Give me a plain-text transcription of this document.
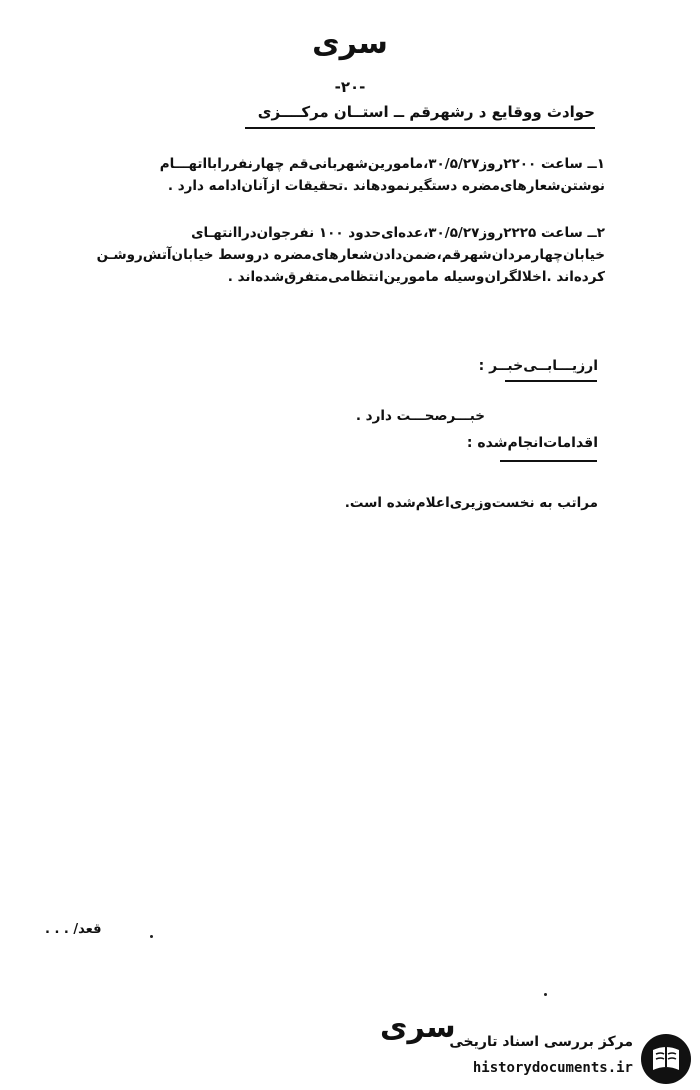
سری
-۲۰-
حوادث ووقایع د رشهرقم ــ استــان مرکــــزی
۱ــ ساعت ۲۲۰۰روز۳۰/۵/۲۷،مامورین‌شهربانی‌قم چهارنفررابااتهـــام
نوشتن‌شعارهای‌مضره دستگیرنمودهاند .تحقیقات ازآنان‌ادامه دارد .
۲ــ ساعت ۲۲۲۵روز۳۰/۵/۲۷،عده‌ای‌حدود ۱۰۰ نفرجوان‌دراانتهـای
خیابان‌چهارمردان‌شهرقم،ضمن‌دادن‌شعارهای‌مضره دروسط خیابان‌آتش‌روشـن
کرده‌اند .اخلالگران‌وسیله مامورین‌انتظامی‌متفرق‌شده‌اند .
ارزیـــابــی‌خبــر :
خبـــرصحـــت دارد .
اقدامات‌انجام‌شده :
مراتب به نخست‌وزیری‌اعلام‌شده است.
قعد/ . . .
سری
مرکز بررسی اسناد تاریخی
historydocuments.ir
